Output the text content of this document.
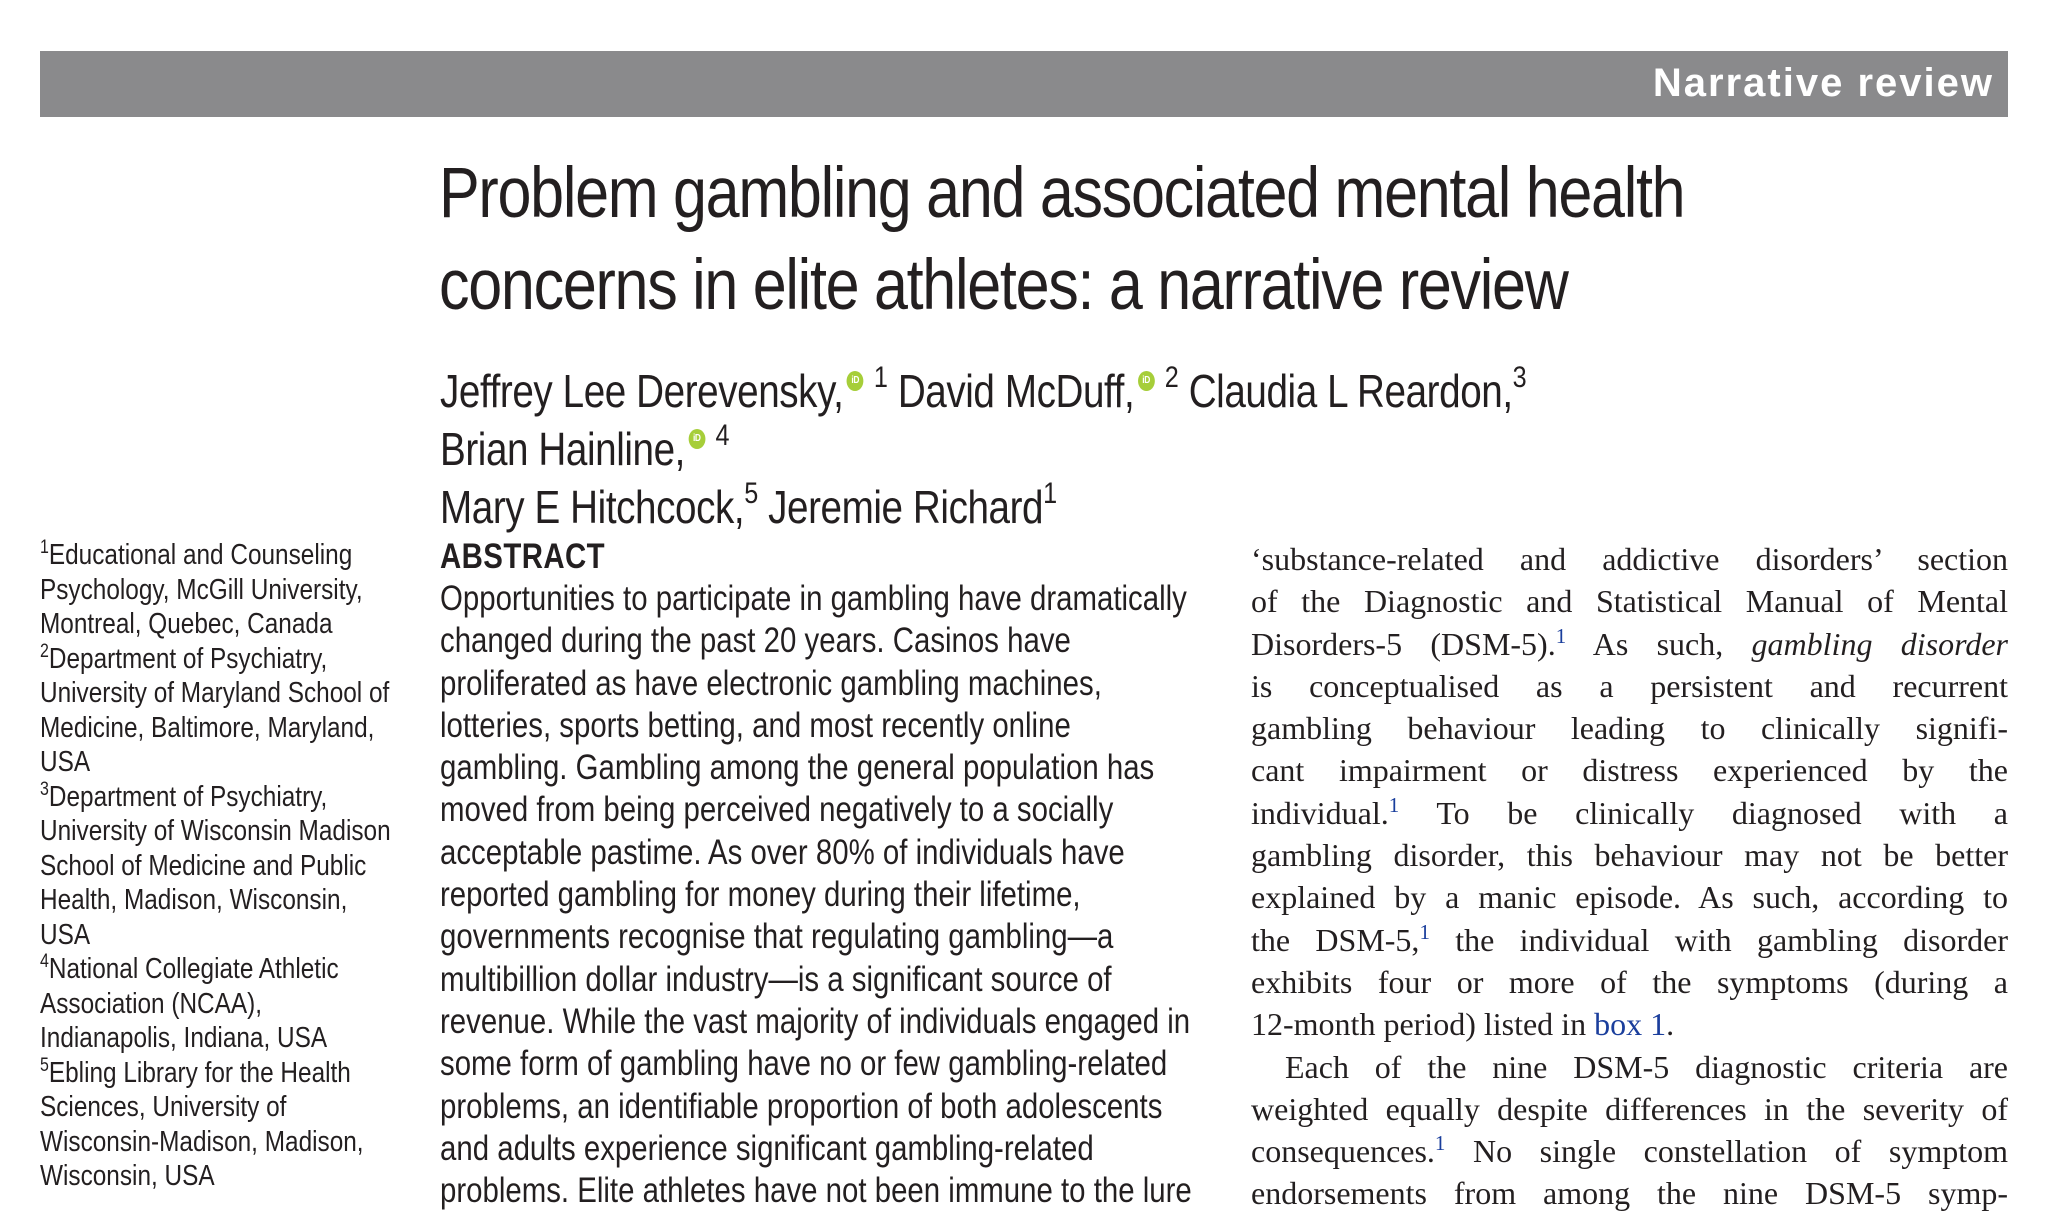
Narrative review
Problem gambling and associated mental health
concerns in elite athletes: a narrative review
Jeffrey Lee Derevensky, iD $^1$ David McDuff, iD $^2$ Claudia L Reardon,$^3$ Brian Hainline, iD $^4$
Mary E Hitchcock,$^5$ Jeremie Richard$^1$
$^1$Educational and Counseling
Psychology, McGill University,
Montreal, Quebec, Canada
$^2$Department of Psychiatry,
University of Maryland School of
Medicine, Baltimore, Maryland,
USA
$^3$Department of Psychiatry,
University of Wisconsin Madison
School of Medicine and Public
Health, Madison, Wisconsin,
USA
$^4$National Collegiate Athletic
Association (NCAA),
Indianapolis, Indiana, USA
$^5$Ebling Library for the Health
Sciences, University of
Wisconsin-Madison, Madison,
Wisconsin, USA
ABSTRACT
Opportunities to participate in gambling have dramatically
changed during the past 20 years. Casinos have
proliferated as have electronic gambling machines,
lotteries, sports betting, and most recently online
gambling. Gambling among the general population has
moved from being perceived negatively to a socially
acceptable pastime. As over 80% of individuals have
reported gambling for money during their lifetime,
governments recognise that regulating gambling—a
multibillion dollar industry—is a significant source of
revenue. While the vast majority of individuals engaged in
some form of gambling have no or few gambling-related
problems, an identifiable proportion of both adolescents
and adults experience significant gambling-related
problems. Elite athletes have not been immune to the lure
‘substance-related and addictive disorders’ section
of the Diagnostic and Statistical Manual of Mental
Disorders-5 (DSM-5).$^1$ As such, gambling disorder
is conceptualised as a persistent and recurrent
gambling behaviour leading to clinically signifi-
cant impairment or distress experienced by the
individual.$^1$ To be clinically diagnosed with a
gambling disorder, this behaviour may not be better
explained by a manic episode. As such, according to
the DSM-5,$^1$ the individual with gambling disorder
exhibits four or more of the symptoms (during a
12-month period) listed in box 1.
Each of the nine DSM-5 diagnostic criteria are
weighted equally despite differences in the severity of
consequences.$^1$ No single constellation of symptom
endorsements from among the nine DSM-5 symp-
